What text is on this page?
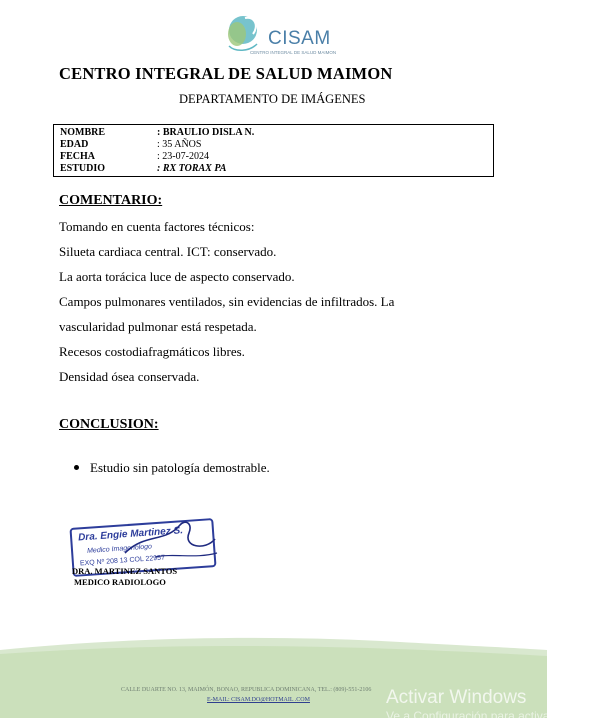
CISAM
CENTRO INTEGRAL DE SALUD MAIMON
CENTRO INTEGRAL DE SALUD MAIMON
DEPARTAMENTO DE IMÁGENES
NOMBRE	: BRAULIO DISLA N.
EDAD	: 35 AÑOS
FECHA	: 23-07-2024
ESTUDIO	: RX TORAX PA
COMENTARIO:
Tomando en cuenta factores técnicos:
Silueta cardiaca central. ICT: conservado.
La aorta torácica luce de aspecto conservado.
Campos pulmonares ventilados, sin evidencias de infiltrados. La
vascularidad pulmonar está respetada.
Recesos costodiafragmáticos libres.
Densidad ósea conservada.
CONCLUSION:
Estudio sin patología demostrable.
Dra. Engie Martinez S.
Medico Imagenologo
EXQ Nº 208 13 COL 22957
DRA. MARTINEZ SANTOS
MEDICO RADIOLOGO
CALLE DUARTE NO. 13, MAIMÓN, BONAO, REPUBLICA DOMINICANA, TEL.: (809)-551-2106
E-MAIL: CISAM.DO@HOTMAIL .COM	Activar Windows
Ve a Configuración para activar Windows.
